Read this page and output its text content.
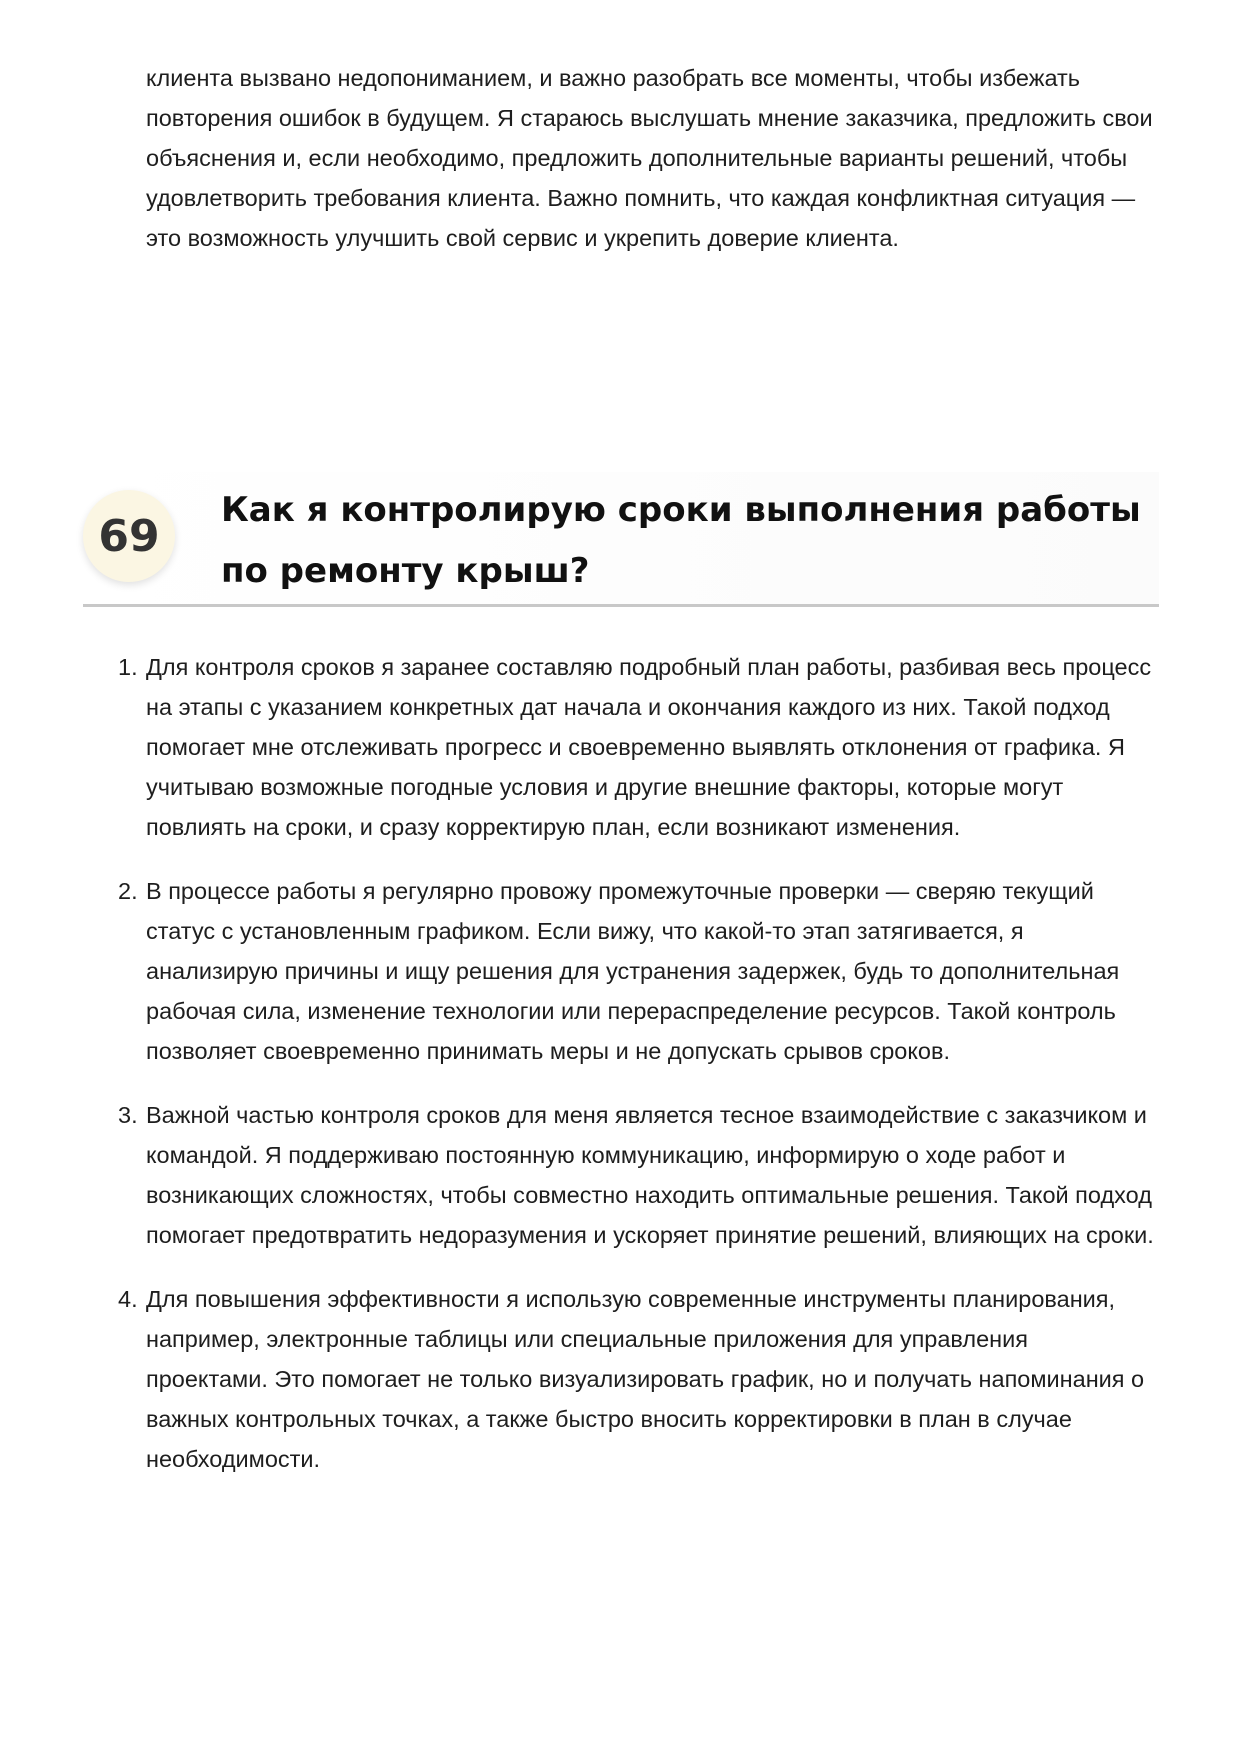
клиента вызвано недопониманием, и важно разобрать все моменты, чтобы избежать повторения ошибок в будущем. Я стараюсь выслушать мнение заказчика, предложить свои объяснения и, если необходимо, предложить дополнительные варианты решений, чтобы удовлетворить требования клиента. Важно помнить, что каждая конфликтная ситуация — это возможность улучшить свой сервис и укрепить доверие клиента.

69
Как я контролирую сроки выполнения работы по ремонту крыш?
1. Для контроля сроков я заранее составляю подробный план работы, разбивая весь процесс на этапы с указанием конкретных дат начала и окончания каждого из них. Такой подход помогает мне отслеживать прогресс и своевременно выявлять отклонения от графика. Я учитываю возможные погодные условия и другие внешние факторы, которые могут повлиять на сроки, и сразу корректирую план, если возникают изменения.
2. В процессе работы я регулярно провожу промежуточные проверки — сверяю текущий статус с установленным графиком. Если вижу, что какой-то этап затягивается, я анализирую причины и ищу решения для устранения задержек, будь то дополнительная рабочая сила, изменение технологии или перераспределение ресурсов. Такой контроль позволяет своевременно принимать меры и не допускать срывов сроков.
3. Важной частью контроля сроков для меня является тесное взаимодействие с заказчиком и командой. Я поддерживаю постоянную коммуникацию, информирую о ходе работ и возникающих сложностях, чтобы совместно находить оптимальные решения. Такой подход помогает предотвратить недоразумения и ускоряет принятие решений, влияющих на сроки.
4. Для повышения эффективности я использую современные инструменты планирования, например, электронные таблицы или специальные приложения для управления проектами. Это помогает не только визуализировать график, но и получать напоминания о важных контрольных точках, а также быстро вносить корректировки в план в случае необходимости.
